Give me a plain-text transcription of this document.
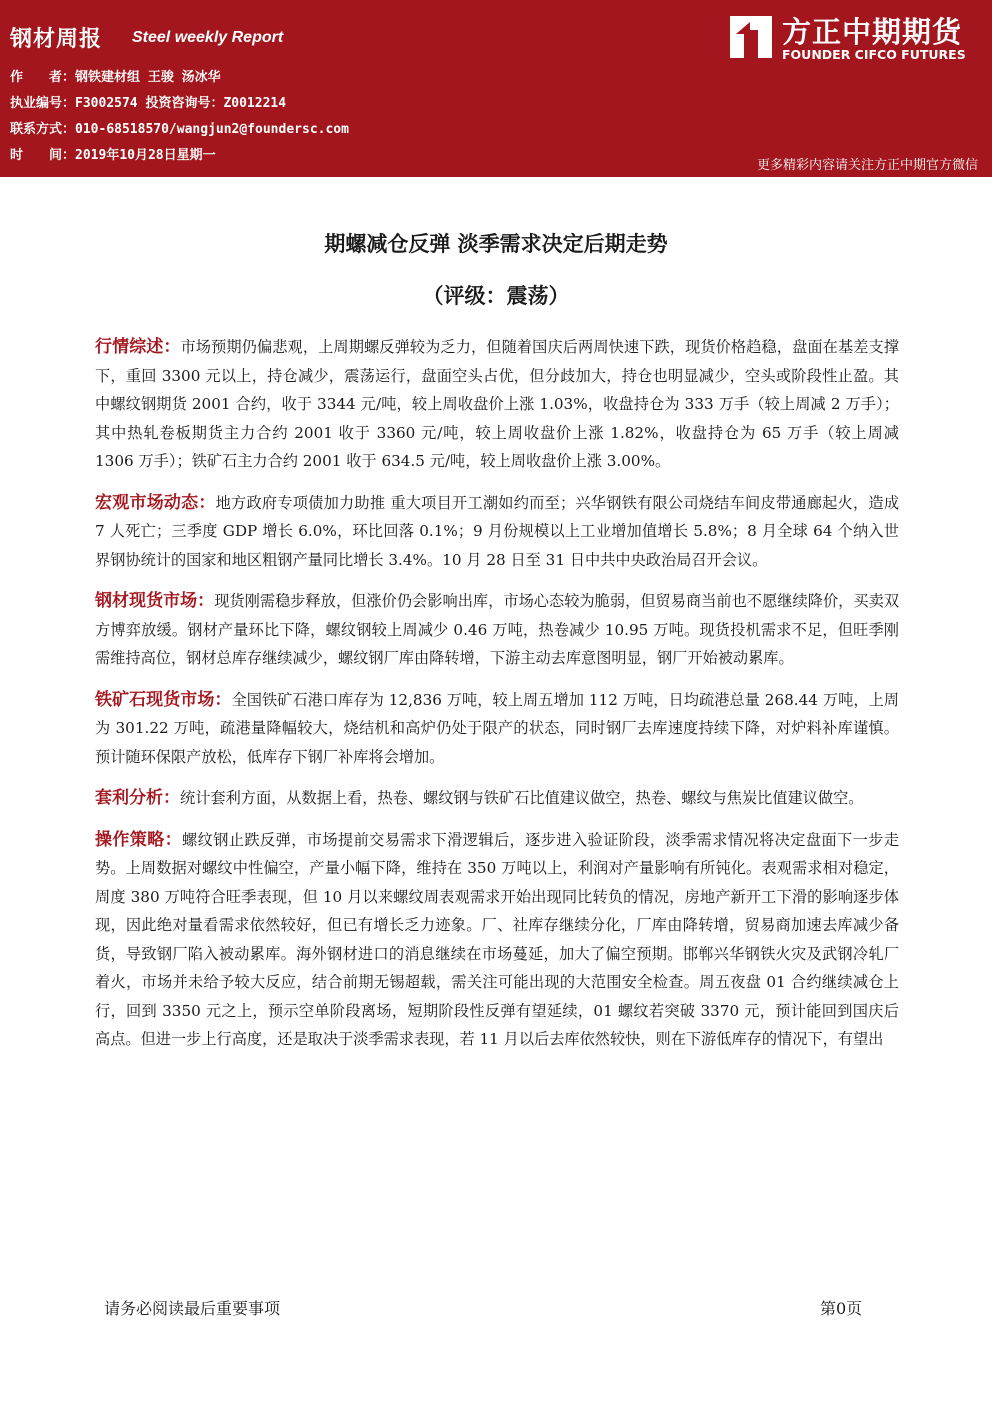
钢材周报 Steel weekly Report
作　　者：钢铁建材组 王骏 汤冰华
执业编号：F3002574 投资咨询号：Z0012214
联系方式：010-68518570/wangjun2@foundersc.com
时　　间：2019年10月28日星期一
方正中期期货
FOUNDER CIFCO FUTURES
更多精彩内容请关注方正中期官方微信
期螺减仓反弹 淡季需求决定后期走势
（评级：震荡）

行情综述：市场预期仍偏悲观，上周期螺反弹较为乏力，但随着国庆后两周快速下跌，现货价格趋稳，盘面在基差支撑下，重回 3300 元以上，持仓减少，震荡运行，盘面空头占优，但分歧加大，持仓也明显减少，空头或阶段性止盈。其中螺纹钢期货 2001 合约，收于 3344 元/吨，较上周收盘价上涨 1.03%，收盘持仓为 333 万手（较上周减 2 万手）；其中热轧卷板期货主力合约 2001 收于 3360 元/吨，较上周收盘价上涨 1.82%，收盘持仓为 65 万手（较上周减 1306 万手）；铁矿石主力合约 2001 收于 634.5 元/吨，较上周收盘价上涨 3.00%。

宏观市场动态：地方政府专项债加力助推 重大项目开工潮如约而至；兴华钢铁有限公司烧结车间皮带通廊起火，造成 7 人死亡；三季度 GDP 增长 6.0%，环比回落 0.1%；9 月份规模以上工业增加值增长 5.8%；8 月全球 64 个纳入世界钢协统计的国家和地区粗钢产量同比增长 3.4%。10 月 28 日至 31 日中共中央政治局召开会议。

钢材现货市场：现货刚需稳步释放，但涨价仍会影响出库，市场心态较为脆弱，但贸易商当前也不愿继续降价，买卖双方博弈放缓。钢材产量环比下降，螺纹钢较上周减少 0.46 万吨，热卷减少 10.95 万吨。现货投机需求不足，但旺季刚需维持高位，钢材总库存继续减少，螺纹钢厂库由降转增，下游主动去库意图明显，钢厂开始被动累库。

铁矿石现货市场：全国铁矿石港口库存为 12,836 万吨，较上周五增加 112 万吨，日均疏港总量 268.44 万吨，上周为 301.22 万吨，疏港量降幅较大，烧结机和高炉仍处于限产的状态，同时钢厂去库速度持续下降，对炉料补库谨慎。预计随环保限产放松，低库存下钢厂补库将会增加。

套利分析：统计套利方面，从数据上看，热卷、螺纹钢与铁矿石比值建议做空，热卷、螺纹与焦炭比值建议做空。

操作策略：螺纹钢止跌反弹，市场提前交易需求下滑逻辑后，逐步进入验证阶段，淡季需求情况将决定盘面下一步走势。上周数据对螺纹中性偏空，产量小幅下降，维持在 350 万吨以上，利润对产量影响有所钝化。表观需求相对稳定，周度 380 万吨符合旺季表现，但 10 月以来螺纹周表观需求开始出现同比转负的情况，房地产新开工下滑的影响逐步体现，因此绝对量看需求依然较好，但已有增长乏力迹象。厂、社库存继续分化，厂库由降转增，贸易商加速去库减少备货，导致钢厂陷入被动累库。海外钢材进口的消息继续在市场蔓延，加大了偏空预期。邯郸兴华钢铁火灾及武钢冷轧厂着火，市场并未给予较大反应，结合前期无锡超载，需关注可能出现的大范围安全检查。周五夜盘 01 合约继续减仓上行，回到 3350 元之上，预示空单阶段离场，短期阶段性反弹有望延续，01 螺纹若突破 3370 元，预计能回到国庆后高点。但进一步上行高度，还是取决于淡季需求表现，若 11 月以后去库依然较快，则在下游低库存的情况下，有望出

请务必阅读最后重要事项	第0页
